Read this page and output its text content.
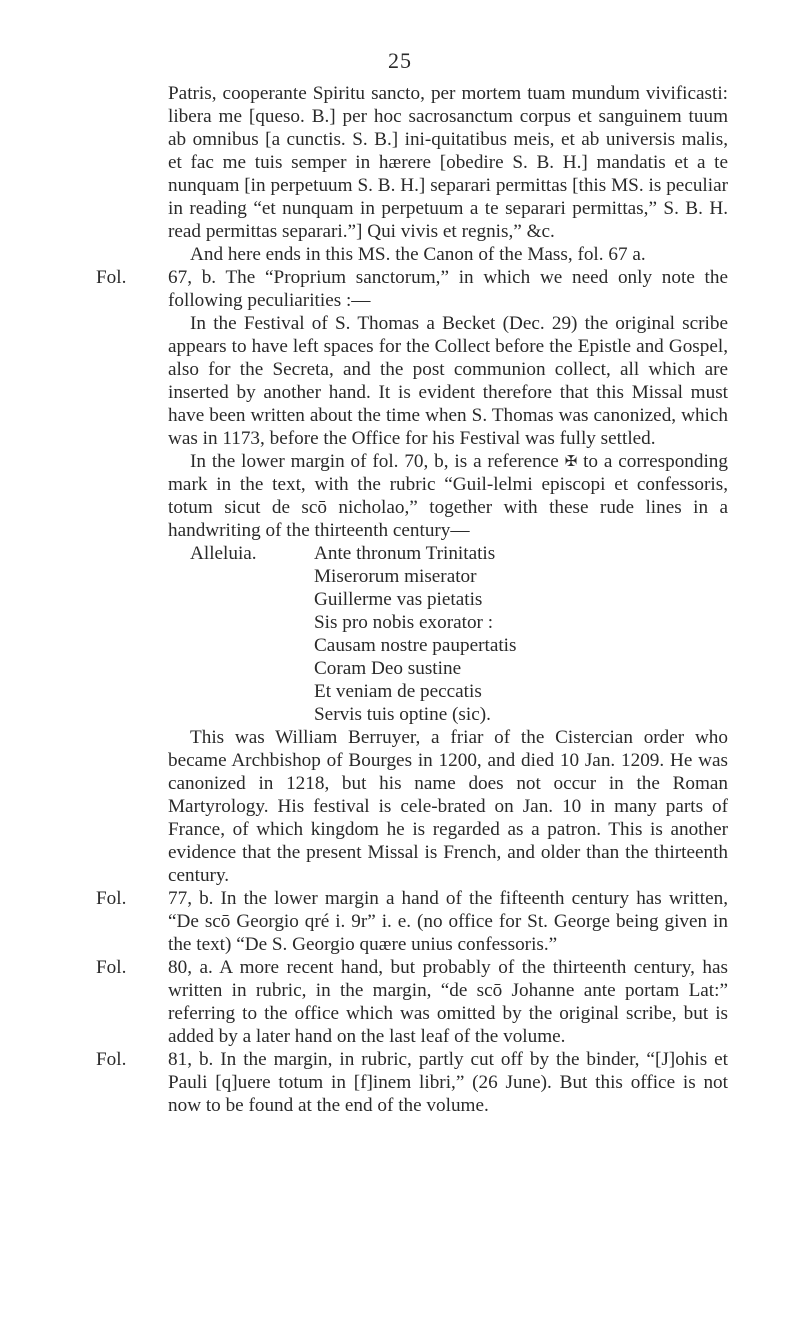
25

Patris, cooperante Spiritu sancto, per mortem tuam mundum vivificasti: libera me [queso. B.] per hoc sacrosanctum corpus et sanguinem tuum ab omnibus [a cunctis. S. B.] ini-quitatibus meis, et ab universis malis, et fac me tuis semper in hærere [obedire S. B. H.] mandatis et a te nunquam [in perpetuum S. B. H.] separari permittas [this MS. is peculiar in reading “et nunquam in perpetuum a te separari permittas,” S. B. H. read permittas separari.”] Qui vivis et regnis,” &c.

And here ends in this MS. the Canon of the Mass, fol. 67 a.

Fol.	67, b. The “Proprium sanctorum,” in which we need only note the following peculiarities :—

In the Festival of S. Thomas a Becket (Dec. 29) the original scribe appears to have left spaces for the Collect before the Epistle and Gospel, also for the Secreta, and the post communion collect, all which are inserted by another hand. It is evident therefore that this Missal must have been written about the time when S. Thomas was canonized, which was in 1173, before the Office for his Festival was fully settled.

In the lower margin of fol. 70, b, is a reference ✠ to a corresponding mark in the text, with the rubric “Guil-lelmi episcopi et confessoris, totum sicut de scō nicholao,” together with these rude lines in a handwriting of the thirteenth century—

Alleluia.	Ante thronum Trinitatis
Miserorum miserator
Guillerme vas pietatis
Sis pro nobis exorator :
Causam nostre paupertatis
Coram Deo sustine
Et veniam de peccatis
Servis tuis optine (sic).

This was William Berruyer, a friar of the Cistercian order who became Archbishop of Bourges in 1200, and died 10 Jan. 1209. He was canonized in 1218, but his name does not occur in the Roman Martyrology. His festival is cele-brated on Jan. 10 in many parts of France, of which kingdom he is regarded as a patron. This is another evidence that the present Missal is French, and older than the thirteenth century.

Fol.	77, b. In the lower margin a hand of the fifteenth century has written, “De scō Georgio qré i. 9r” i. e. (no office for St. George being given in the text) “De S. Georgio quære unius confessoris.”

Fol.	80, a. A more recent hand, but probably of the thirteenth century, has written in rubric, in the margin, “de scō Johanne ante portam Lat:” referring to the office which was omitted by the original scribe, but is added by a later hand on the last leaf of the volume.

Fol.	81, b. In the margin, in rubric, partly cut off by the binder, “[J]ohis et Pauli [q]uere totum in [f]inem libri,” (26 June). But this office is not now to be found at the end of the volume.
